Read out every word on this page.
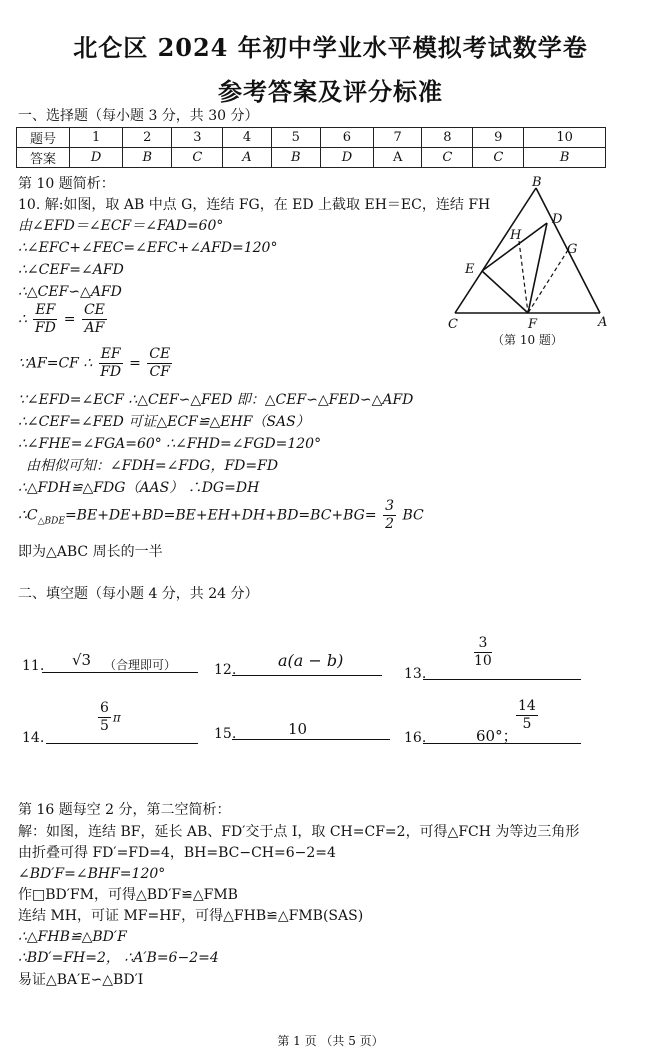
北仑区 2024 年初中学业水平模拟考试数学卷
参考答案及评分标准
一、选择题（每小题 3 分，共 30 分）
题号	1	2	3	4	5	6	7	8	9	10
答案	D	B	C	A	B	D	A	C	C	B
第 10 题简析：
10. 解:如图，取 AB 中点 G，连结 FG，在 ED 上截取 EH＝EC，连结 FH
由∠EFD＝∠ECF＝∠FAD=60°
∴∠EFC+∠FEC=∠EFC+∠AFD=120°
∴∠CEF=∠AFD
∴△CEF∽△AFD
∴ $\frac{EF}{FD} = \frac{CE}{AF}$
∵AF=CF ∴ $\frac{EF}{FD} = \frac{CE}{CF}$
∵∠EFD=∠ECF ∴△CEF∽△FED 即：△CEF∽△FED∽△AFD
∴∠CEF=∠FED 可证△ECF≌△EHF（SAS）
∴∠FHE=∠FGA=60° ∴∠FHD=∠FGD=120°
由相似可知：∠FDH=∠FDG，FD=FD
∴△FDH≌△FDG（AAS） ∴DG=DH
$\therefore C_{\triangle BDE}=BE+DE+BD=BE+EH+DH+BD=BC+BG= \frac{3}{2}$ BC
即为△ABC 周长的一半
B
D
H
G
E
C	F	A
（第 10 题）
二、填空题（每小题 4 分，共 24 分）
11. √3 （合理即可）	12.	a(a − b)
13.
$\frac{3}{10}$
14.
$\frac{6}{5}$ π
15.	10	16.	60°；
$\frac{14}{5}$
第 16 题每空 2 分，第二空简析：
解：如图，连结 BF，延长 AB、FD′交于点 I，取 CH=CF=2，可得△FCH 为等边三角形
由折叠可得 FD′=FD=4，BH=BC−CH=6−2=4
∠BD′F=∠BHF=120°
作□BD′FM，可得△BD′F≌△FMB
连结 MH，可证 MF=HF，可得△FHB≌△FMB(SAS)
∴△FHB≌△BD′F
∴BD′=FH=2， ∴A′B=6−2=4
易证△BA′E∽△BD′I
第 1 页 （共 5 页）
